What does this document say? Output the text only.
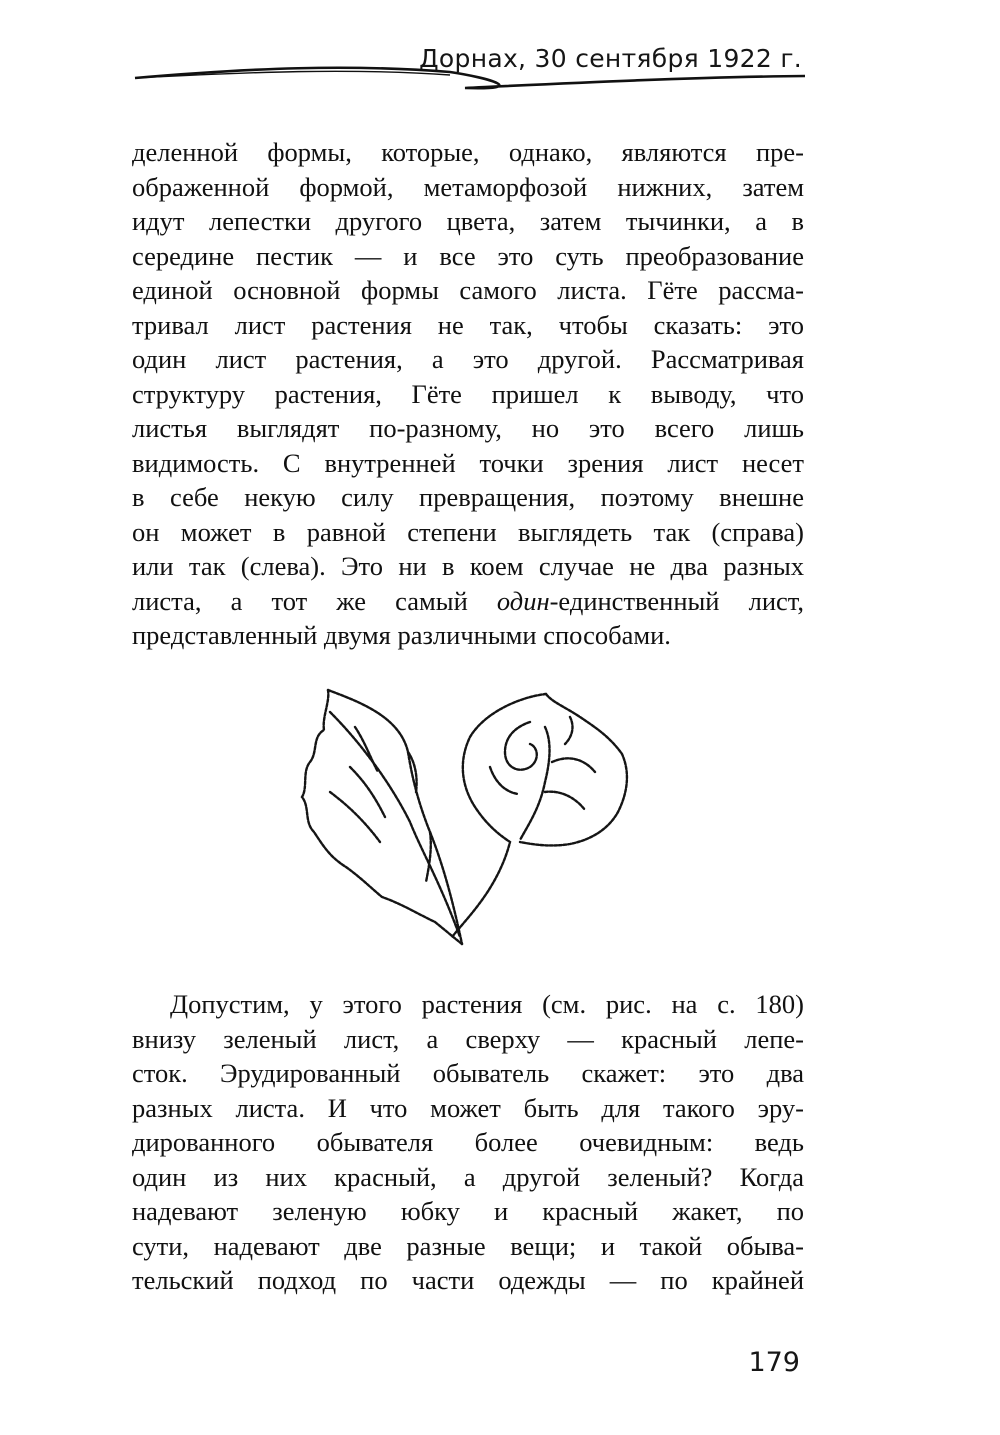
Дорнах, 30 сентября 1922 г.
деленной формы, которые, однако, являются пре-
ображенной формой, метаморфозой нижних, затем
идут лепестки другого цвета, затем тычинки, а в
середине пестик — и все это суть преобразование
единой основной формы самого листа. Гёте рассма-
тривал лист растения не так, чтобы сказать: это
один лист растения, а это другой. Рассматривая
структуру растения, Гёте пришел к выводу, что
листья выглядят по-разному, но это всего лишь
видимость. С внутренней точки зрения лист несет
в себе некую силу превращения, поэтому внешне
он может в равной степени выглядеть так (справа)
или так (слева). Это ни в коем случае не два разных
листа, а тот же самый один-единственный лист,
представленный двумя различными способами.
Допустим, у этого растения (см. рис. на с. 180)
внизу зеленый лист, а сверху — красный лепе-
сток. Эрудированный обыватель скажет: это два
разных листа. И что может быть для такого эру-
дированного обывателя более очевидным: ведь
один из них красный, а другой зеленый? Когда
надевают зеленую юбку и красный жакет, по
сути, надевают две разные вещи; и такой обыва-
тельский подход по части одежды — по крайней
179
